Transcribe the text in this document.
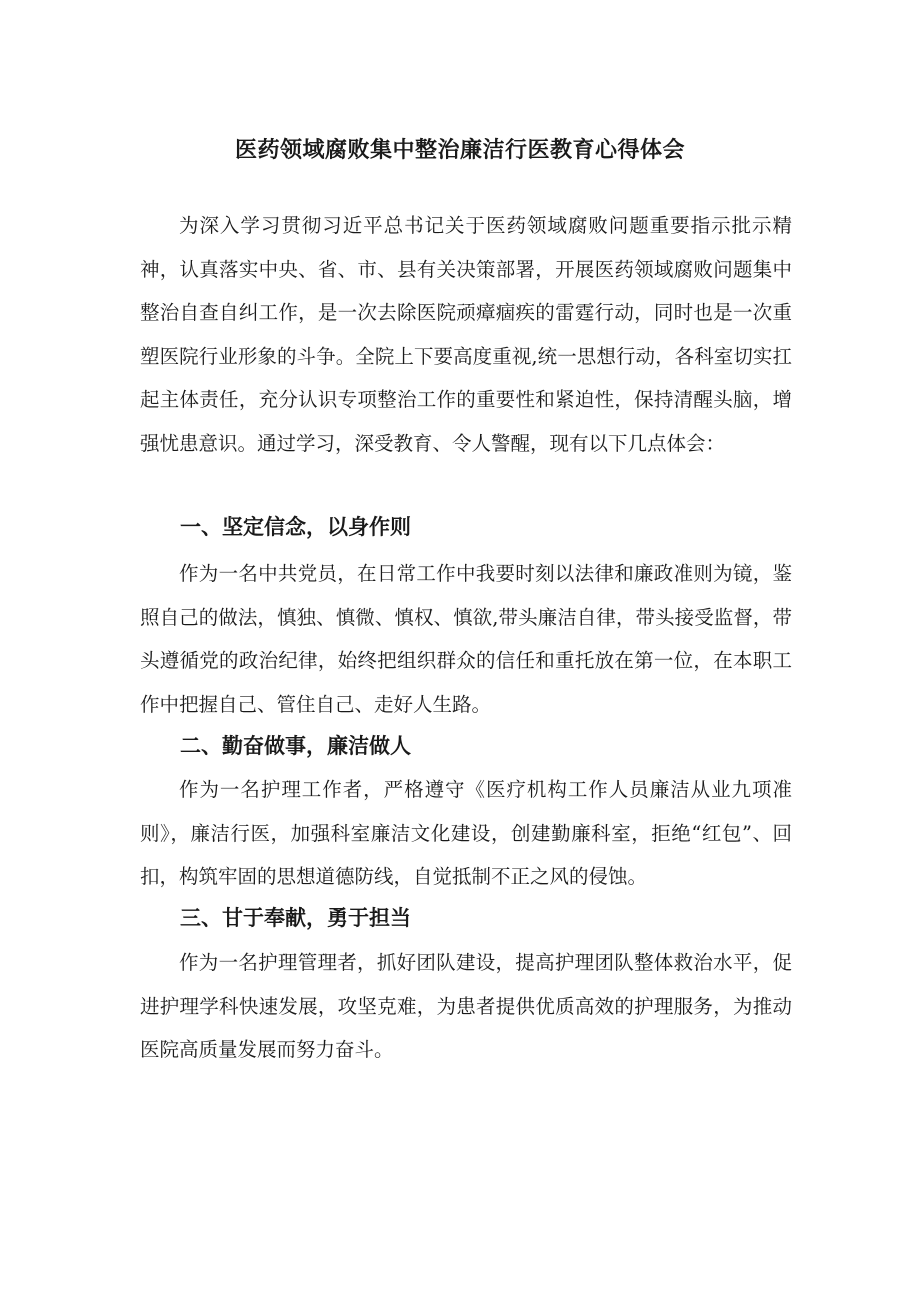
医药领域腐败集中整治廉洁行医教育心得体会

为深入学习贯彻习近平总书记关于医药领域腐败问题重要指示批示精神，认真落实中央、省、市、县有关决策部署，开展医药领域腐败问题集中整治自查自纠工作，是一次去除医院顽瘴痼疾的雷霆行动，同时也是一次重塑医院行业形象的斗争。全院上下要高度重视,统一思想行动，各科室切实扛起主体责任，充分认识专项整治工作的重要性和紧迫性，保持清醒头脑，增强忧患意识。通过学习，深受教育、令人警醒，现有以下几点体会：

一、坚定信念，以身作则

作为一名中共党员，在日常工作中我要时刻以法律和廉政准则为镜，鉴照自己的做法，慎独、慎微、慎权、慎欲,带头廉洁自律，带头接受监督，带头遵循党的政治纪律，始终把组织群众的信任和重托放在第一位，在本职工作中把握自己、管住自己、走好人生路。

二、勤奋做事，廉洁做人

作为一名护理工作者，严格遵守《医疗机构工作人员廉洁从业九项准则》，廉洁行医，加强科室廉洁文化建设，创建勤廉科室，拒绝“红包”、回扣，构筑牢固的思想道德防线，自觉抵制不正之风的侵蚀。

三、甘于奉献，勇于担当

作为一名护理管理者，抓好团队建设，提高护理团队整体救治水平，促进护理学科快速发展，攻坚克难，为患者提供优质高效的护理服务，为推动医院高质量发展而努力奋斗。
